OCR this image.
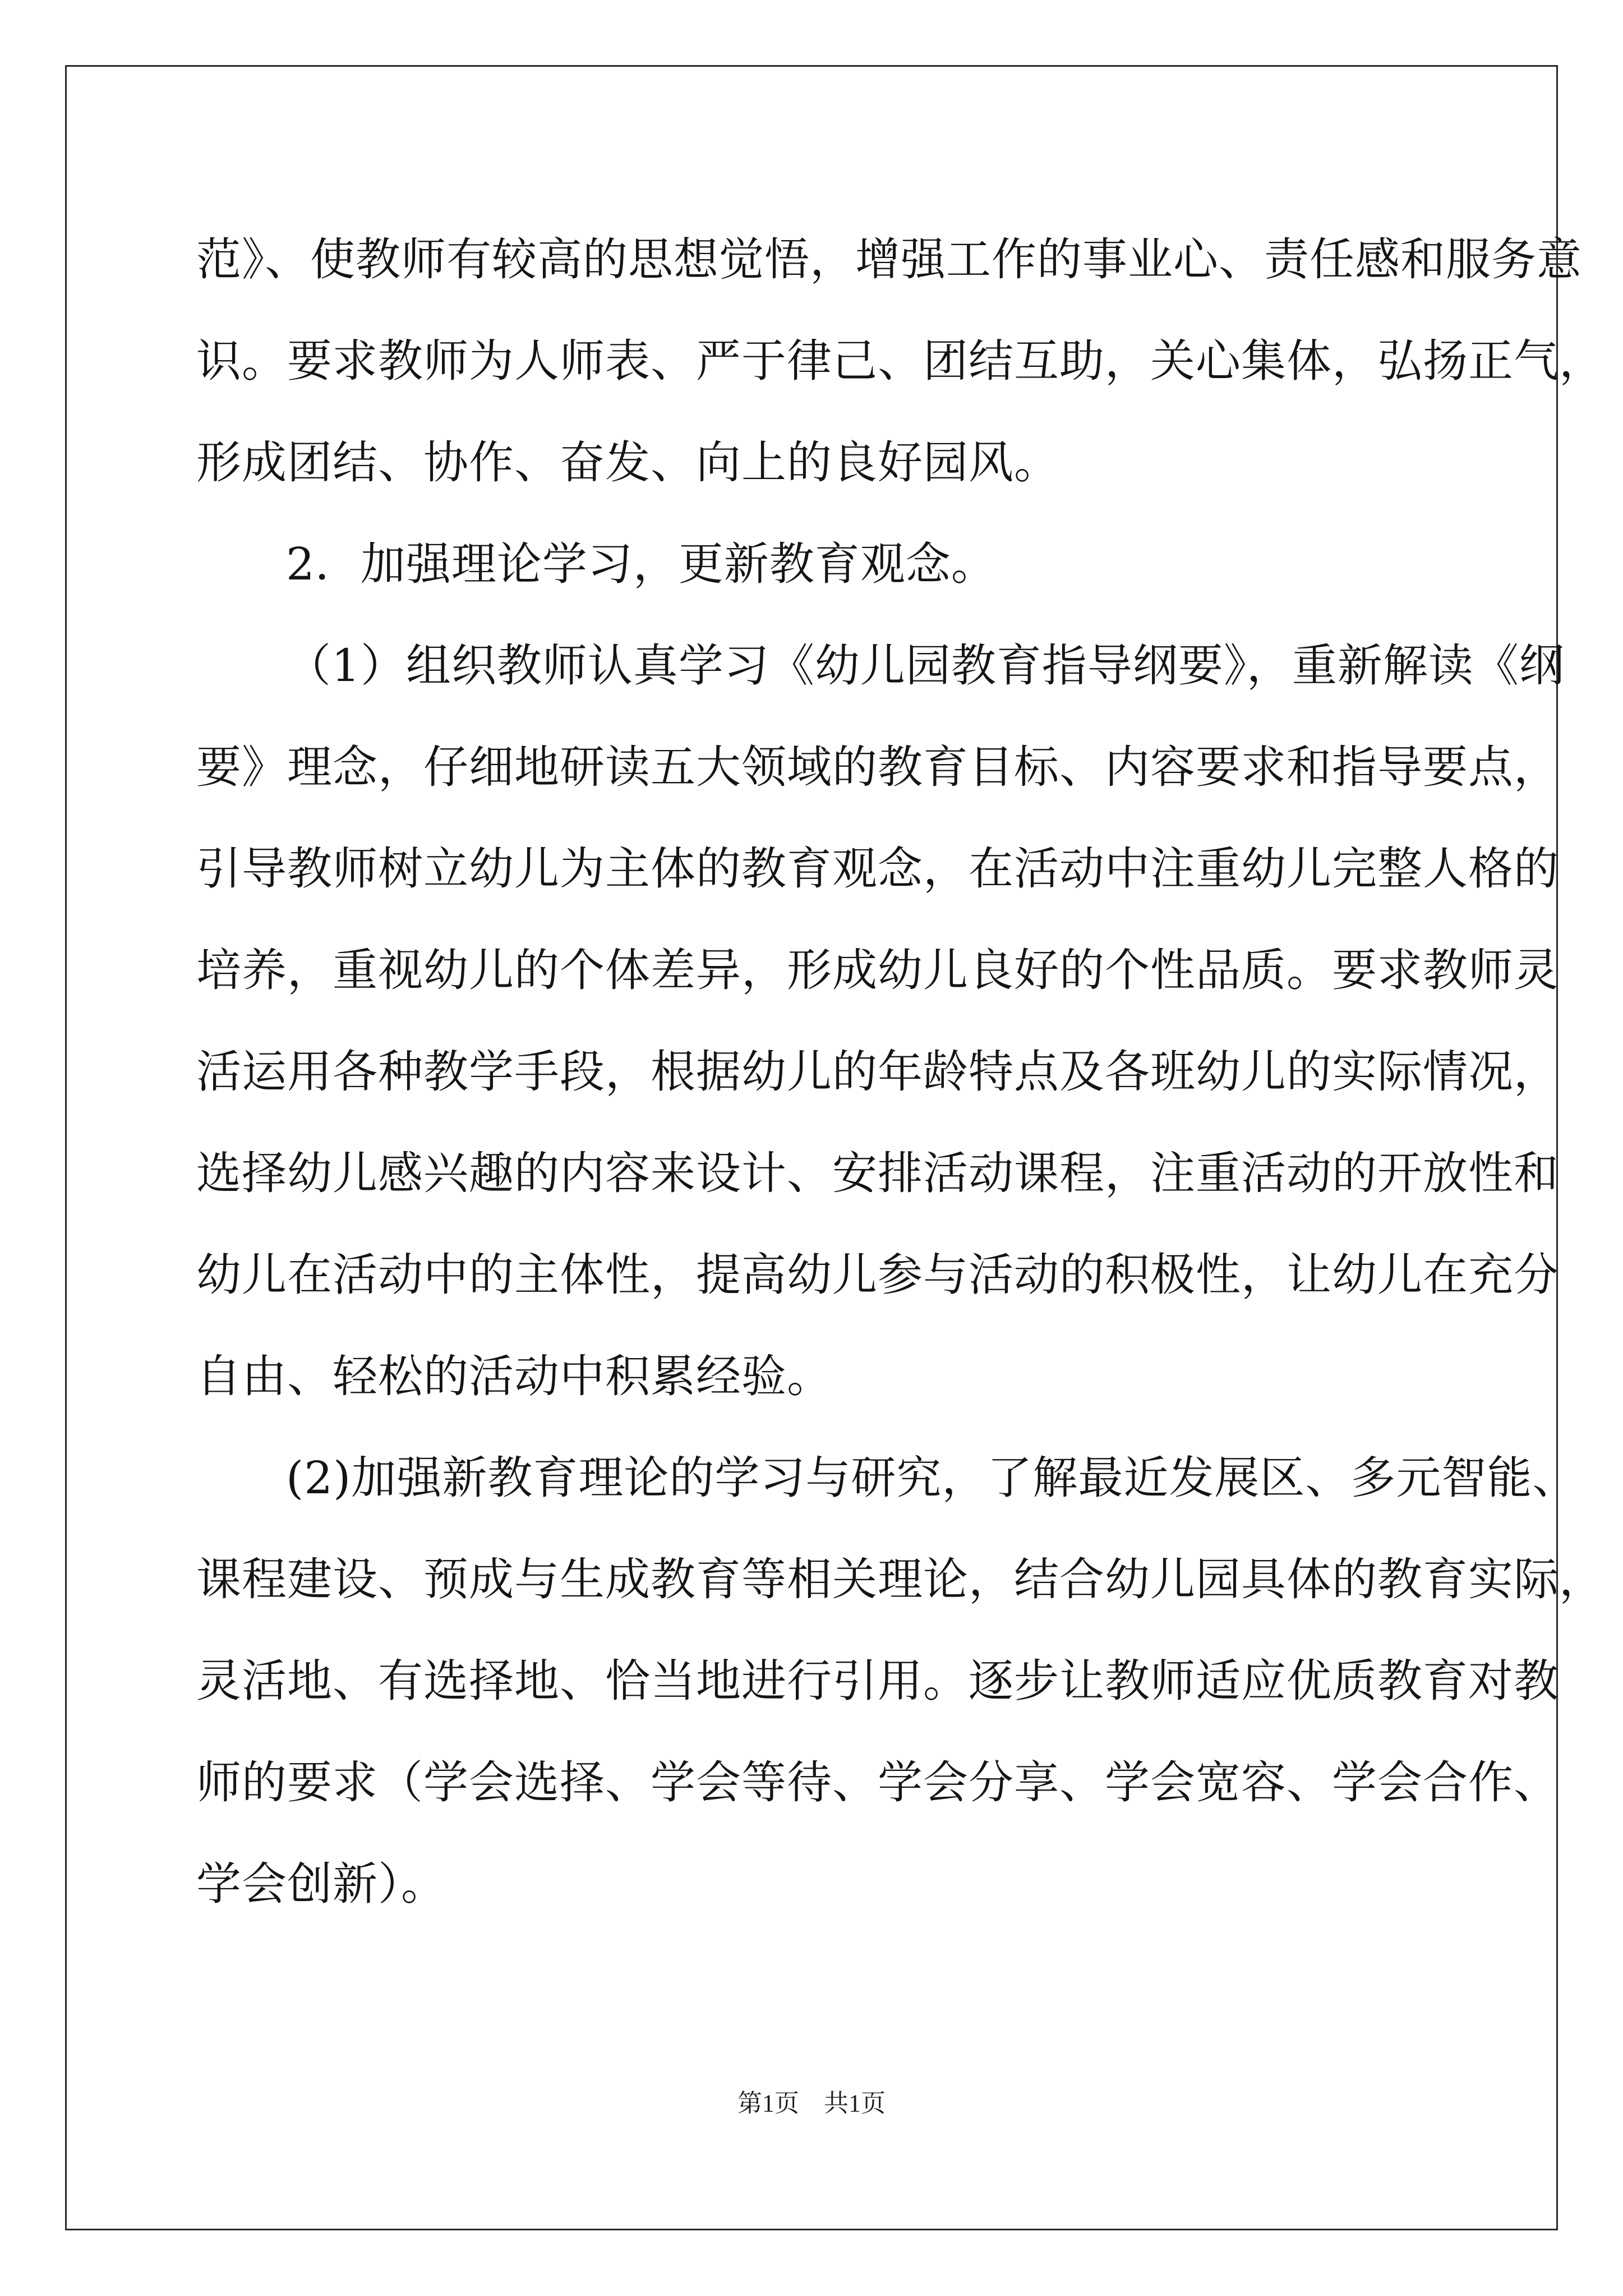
范》、使教师有较高的思想觉悟，增强工作的事业心、责任感和服务意
识。要求教师为人师表、严于律己、团结互助，关心集体，弘扬正气，
形成团结、协作、奋发、向上的良好园风。
2．加强理论学习，更新教育观念。
（1）组织教师认真学习《幼儿园教育指导纲要》，重新解读《纲
要》理念，仔细地研读五大领域的教育目标、内容要求和指导要点，
引导教师树立幼儿为主体的教育观念，在活动中注重幼儿完整人格的
培养，重视幼儿的个体差异，形成幼儿良好的个性品质。要求教师灵
活运用各种教学手段，根据幼儿的年龄特点及各班幼儿的实际情况，
选择幼儿感兴趣的内容来设计、安排活动课程，注重活动的开放性和
幼儿在活动中的主体性，提高幼儿参与活动的积极性，让幼儿在充分
自由、轻松的活动中积累经验。
(2)加强新教育理论的学习与研究，了解最近发展区、多元智能、
课程建设、预成与生成教育等相关理论，结合幼儿园具体的教育实际，
灵活地、有选择地、恰当地进行引用。逐步让教师适应优质教育对教
师的要求（学会选择、学会等待、学会分享、学会宽容、学会合作、
学会创新）。
第1页 共1页
